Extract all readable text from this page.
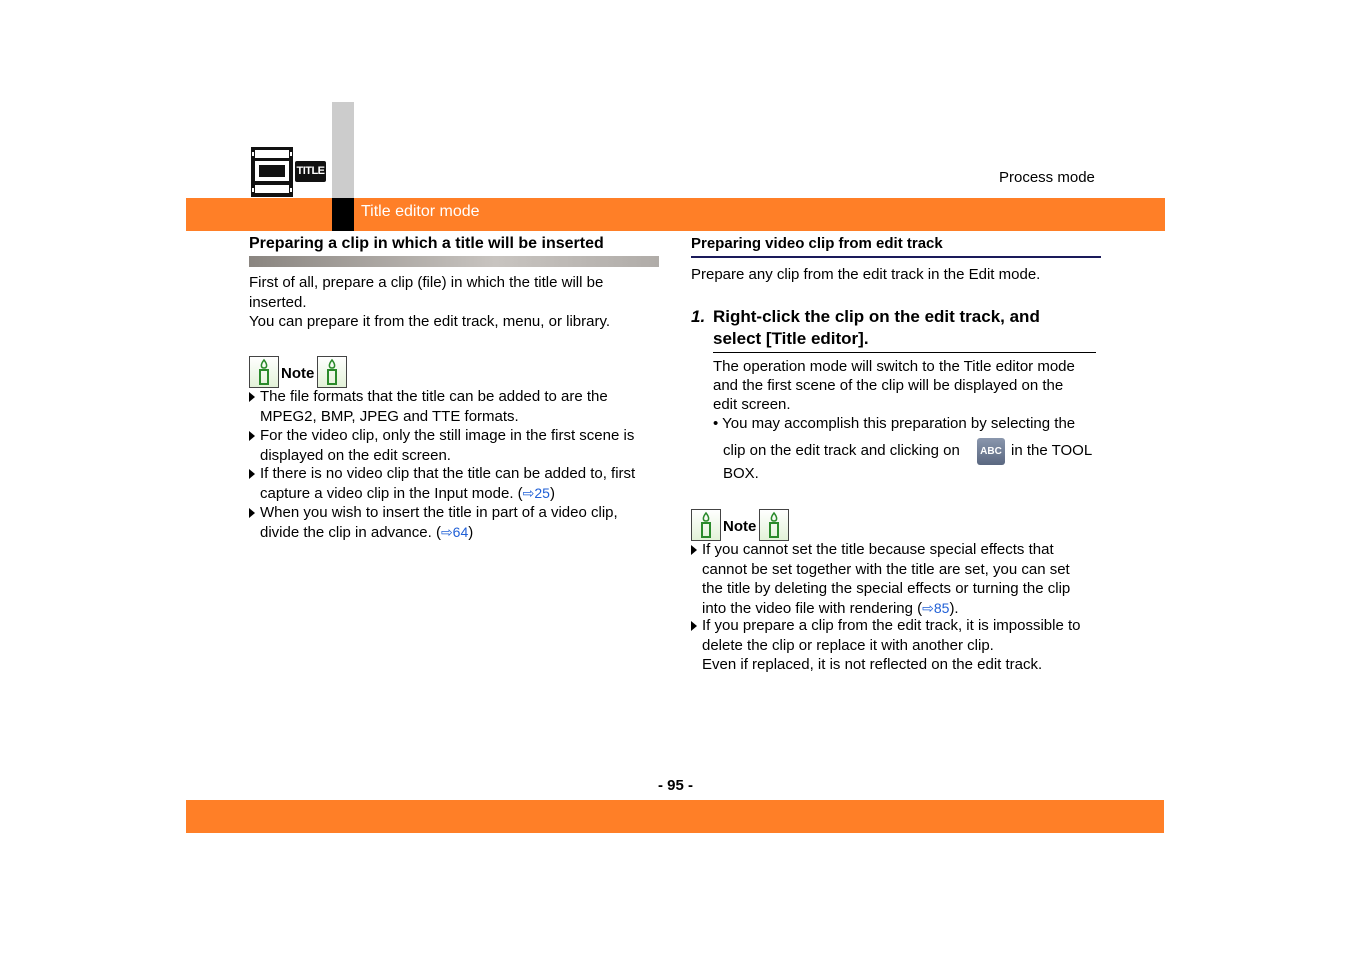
Title editor mode
Process mode
TITLE
Preparing a clip in which a title will be inserted
First of all, prepare a clip (file) in which the title will be
inserted.
You can prepare it from the edit track, menu, or library.
Note
The file formats that the title can be added to are the
MPEG2, BMP, JPEG and TTE formats.
For the video clip, only the still image in the first scene is
displayed on the edit screen.
If there is no video clip that the title can be added to, first
capture a video clip in the Input mode. (⇨25)
When you wish to insert the title in part of a video clip,
divide the clip in advance. (⇨64)
Preparing video clip from edit track
Prepare any clip from the edit track in the Edit mode.
1. Right-click the clip on the edit track, and
select [Title editor].
The operation mode will switch to the Title editor mode
and the first scene of the clip will be displayed on the
edit screen.
• You may accomplish this preparation by selecting the
clip on the edit track and clicking on	ABC in the TOOL
BOX.
Note
If you cannot set the title because special effects that
cannot be set together with the title are set, you can set
the title by deleting the special effects or turning the clip
into the video file with rendering (⇨85).
If you prepare a clip from the edit track, it is impossible to
delete the clip or replace it with another clip.
Even if replaced, it is not reflected on the edit track.
- 95 -
